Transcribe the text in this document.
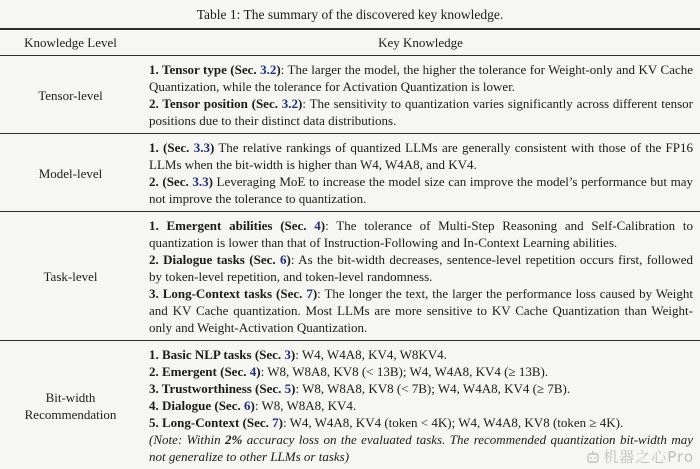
Table 1: The summary of the discovered key knowledge.
Knowledge Level	Key Knowledge
Tensor-level

1. Tensor type (Sec. 3.2): The larger the model, the higher the tolerance for Weight-only and KV Cache Quantization, while the tolerance for Activation Quantization is lower.

2. Tensor position (Sec. 3.2): The sensitivity to quantization varies significantly across different tensor positions due to their distinct data distributions.

Model-level

1. (Sec. 3.3) The relative rankings of quantized LLMs are generally consistent with those of the FP16 LLMs when the bit-width is higher than W4, W4A8, and KV4.

2. (Sec. 3.3) Leveraging MoE to increase the model size can improve the model’s performance but may not improve the tolerance to quantization.

Task-level

1. Emergent abilities (Sec. 4): The tolerance of Multi-Step Reasoning and Self-Calibration to quantization is lower than that of Instruction-Following and In-Context Learning abilities.

2. Dialogue tasks (Sec. 6): As the bit-width decreases, sentence-level repetition occurs first, followed by token-level repetition, and token-level randomness.

3. Long-Context tasks (Sec. 7): The longer the text, the larger the performance loss caused by Weight and KV Cache quantization. Most LLMs are more sensitive to KV Cache Quantization than Weight-only and Weight-Activation Quantization.

Bit-width Recommendation

1. Basic NLP tasks (Sec. 3): W4, W4A8, KV4, W8KV4.

2. Emergent (Sec. 4): W8, W8A8, KV8 (< 13B); W4, W4A8, KV4 (≥ 13B).

3. Trustworthiness (Sec. 5): W8, W8A8, KV8 (< 7B); W4, W4A8, KV4 (≥ 7B).

4. Dialogue (Sec. 6): W8, W8A8, KV4.

5. Long-Context (Sec. 7): W4, W4A8, KV4 (token < 4K); W4, W4A8, KV8 (token ≥ 4K).

(Note: Within 2% accuracy loss on the evaluated tasks. The recommended quantization bit-width may not generalize to other LLMs or tasks)	机器之心Pro
